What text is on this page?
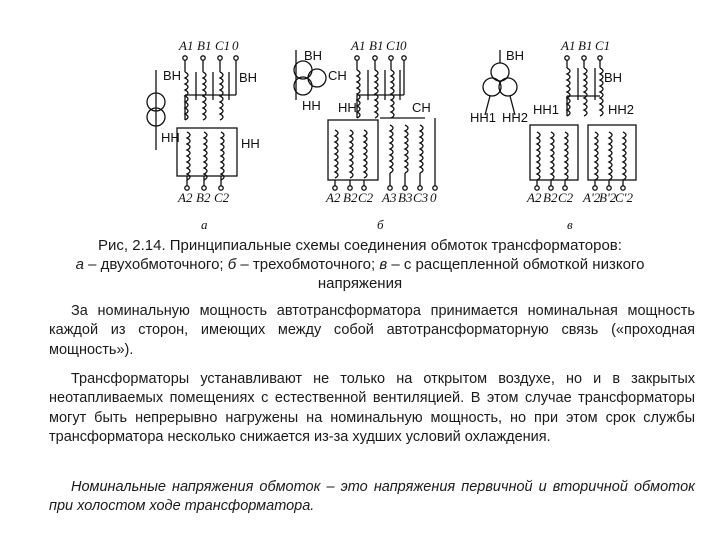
A1 B1 C1 0
ВН	ВН
НН	НН
A2 B2 C2
а
A1 B1 C1
0
ВН
СН
НН НН	СН
A2 B2 C2 A3 B3 C3 0
б
A1 B1 C1
ВН
ВН
НН1 НН2
НН1	НН2
A2 B2 C2 A'2
B'2
C'2
в
Рис, 2.14. Принципиальные схемы соединения обмоток трансформаторов:
а – двухобмоточного; б – трехобмоточного; в – с расщепленной обмоткой низкого напряжения
За номинальную мощность автотрансформатора принимается номинальная мощность каждой из сторон, имеющих между собой автотрансформаторную связь («проходная мощность»).
Трансформаторы устанавливают не только на открытом воздухе, но и в закрытых неотапливаемых помещениях с естественной вентиляцией. В этом случае трансформаторы могут быть непрерывно нагружены на номинальную мощность, но при этом срок службы трансформатора несколько снижается из-за худших условий охлаждения.
Номинальные напряжения обмоток – это напряжения первичной и вторичной обмоток при холостом ходе трансформатора.
